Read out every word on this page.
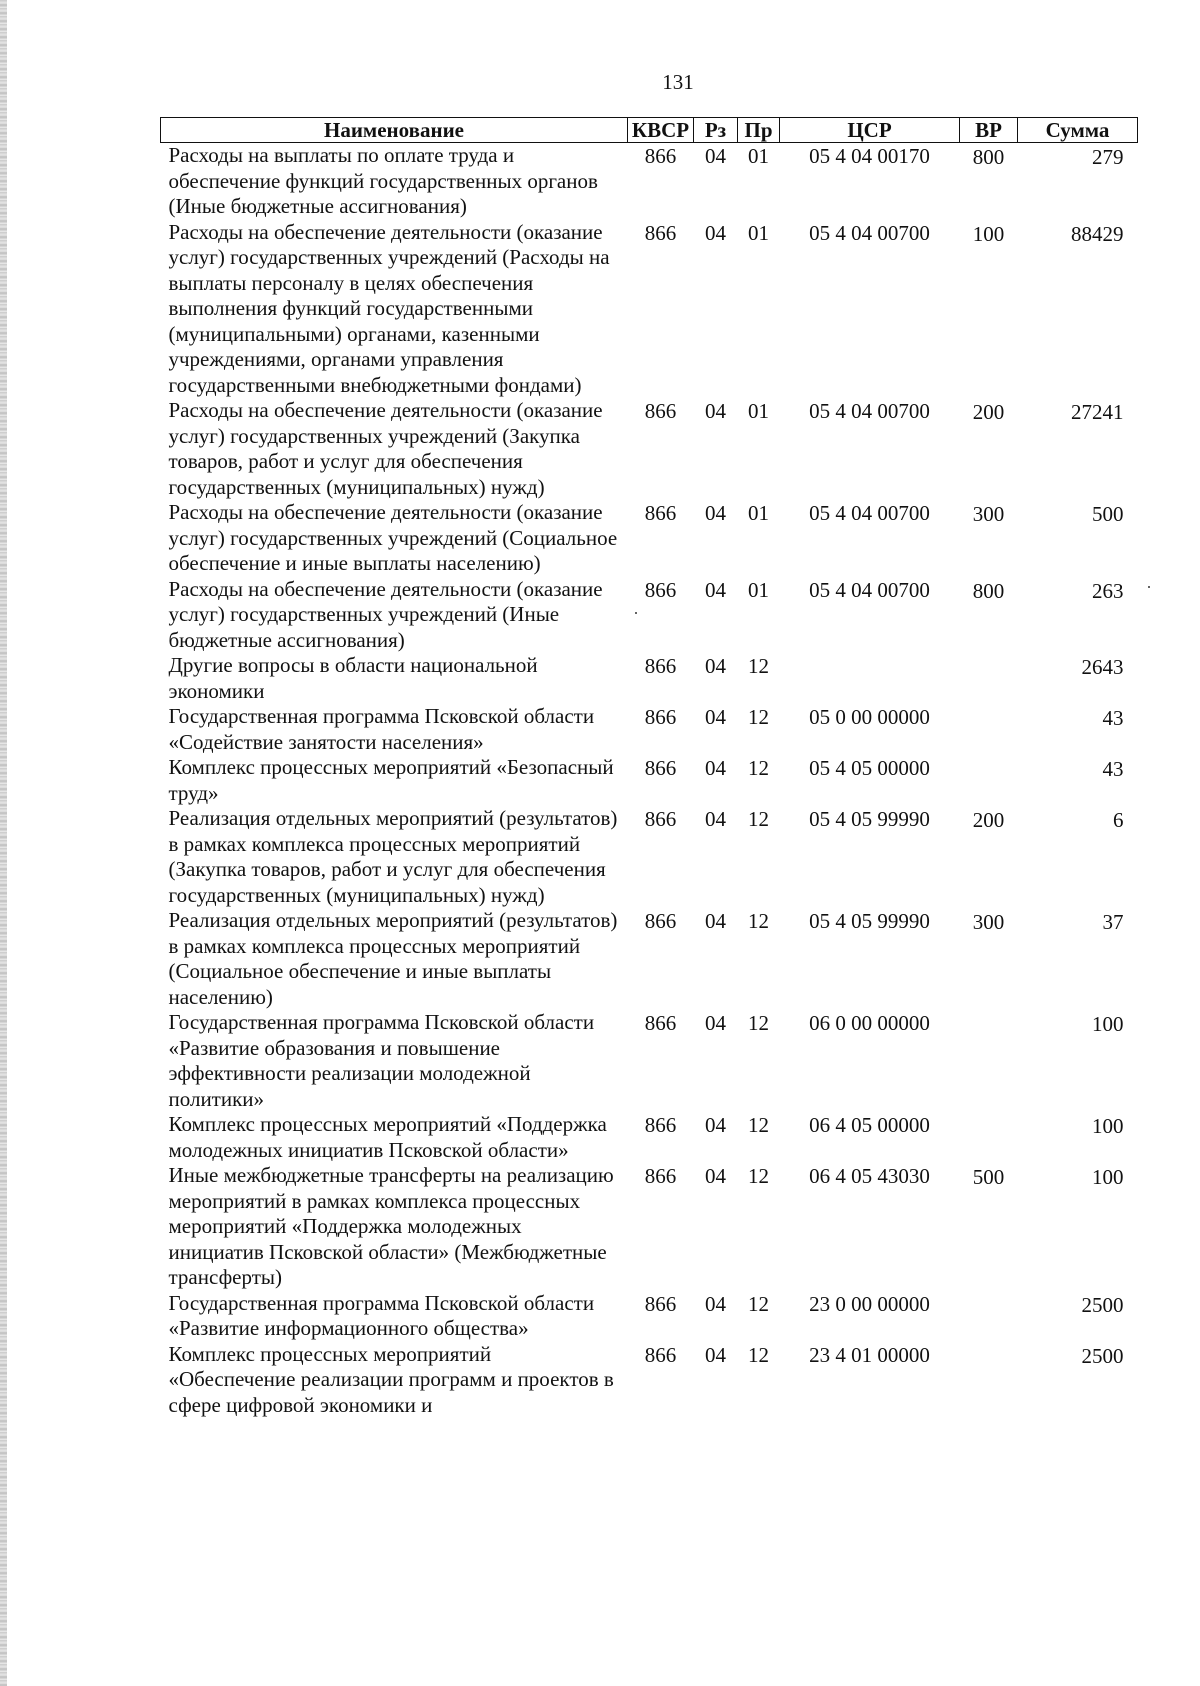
131
Наименование	КВСР	Рз	Пр	ЦСР	ВР	Сумма
Расходы на выплаты по оплате труда и обеспечение функций государственных органов (Иные бюджетные ассигнования)	866	04	01	05 4 04 00170	800	279
Расходы на обеспечение деятельности (оказание услуг) государственных учреждений (Расходы на выплаты персоналу в целях обеспечения выполнения функций государственными (муниципальными) органами, казенными учреждениями, органами управления государственными внебюджетными фондами)	866	04	01	05 4 04 00700	100	88429
Расходы на обеспечение деятельности (оказание услуг) государственных учреждений (Закупка товаров, работ и услуг для обеспечения государственных (муниципальных) нужд)	866	04	01	05 4 04 00700	200	27241
Расходы на обеспечение деятельности (оказание услуг) государственных учреждений (Социальное обеспечение и иные выплаты населению)	866	04	01	05 4 04 00700	300	500
Расходы на обеспечение деятельности (оказание услуг) государственных учреждений (Иные бюджетные ассигнования)	866	04	01	05 4 04 00700	800	263
Другие вопросы в области национальной экономики	866	04	12			2643
Государственная программа Псковской области «Содействие занятости населения»	866	04	12	05 0 00 00000		43
Комплекс процессных мероприятий «Безопасный труд»	866	04	12	05 4 05 00000		43
Реализация отдельных мероприятий (результатов) в рамках комплекса процессных мероприятий (Закупка товаров, работ и услуг для обеспечения государственных (муниципальных) нужд)	866	04	12	05 4 05 99990	200	6
Реализация отдельных мероприятий (результатов) в рамках комплекса процессных мероприятий (Социальное обеспечение и иные выплаты населению)	866	04	12	05 4 05 99990	300	37
Государственная программа Псковской области «Развитие образования и повышение эффективности реализации молодежной политики»	866	04	12	06 0 00 00000		100
Комплекс процессных мероприятий «Поддержка молодежных инициатив Псковской области»	866	04	12	06 4 05 00000		100
Иные межбюджетные трансферты на реализацию мероприятий в рамках комплекса процессных мероприятий «Поддержка молодежных инициатив Псковской области» (Межбюджетные трансферты)	866	04	12	06 4 05 43030	500	100
Государственная программа Псковской области «Развитие информационного общества»	866	04	12	23 0 00 00000		2500
Комплекс процессных мероприятий «Обеспечение реализации программ и проектов в сфере цифровой экономики и	866	04	12	23 4 01 00000		2500
